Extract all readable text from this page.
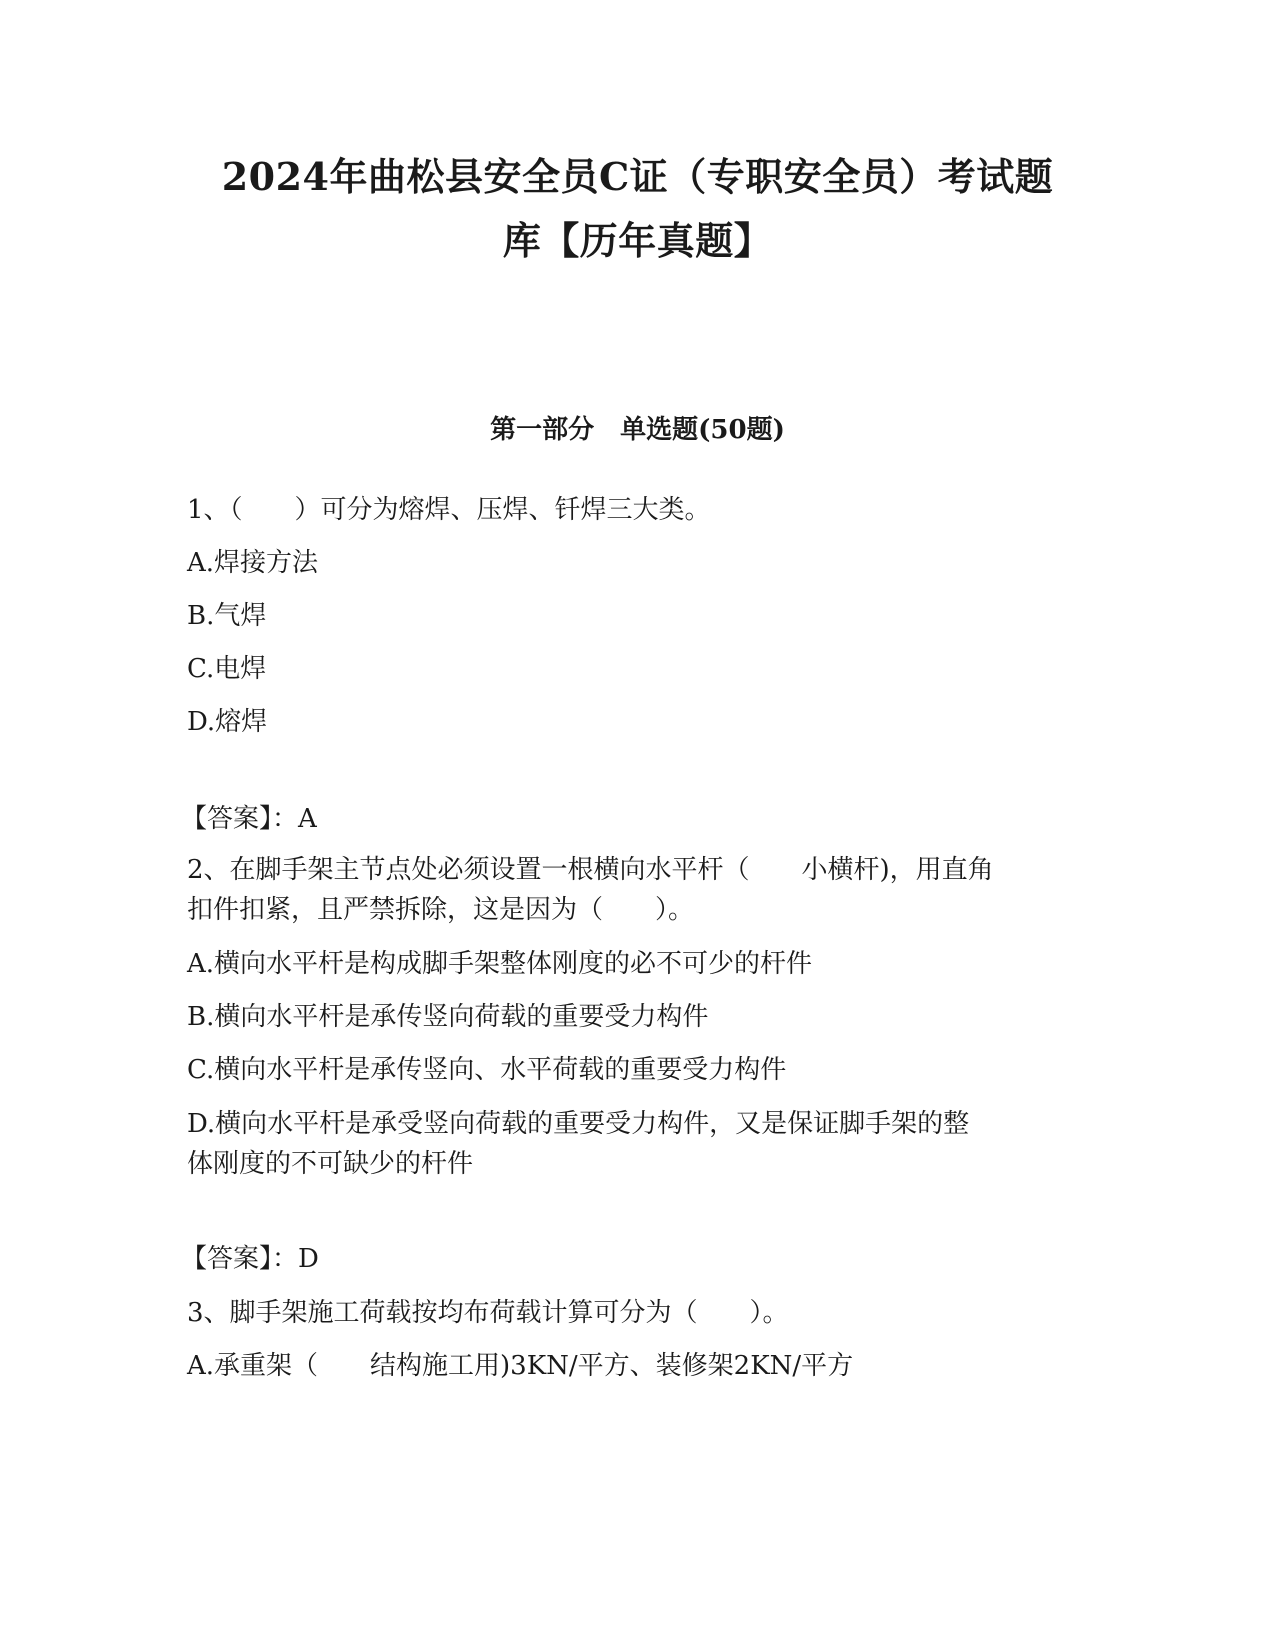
2024年曲松县安全员C证（专职安全员）考试题
库【历年真题】
第一部分　单选题(50题)

1、（　　）可分为熔焊、压焊、钎焊三大类。

A.焊接方法

B.气焊

C.电焊

D.熔焊

【答案】：A

2、在脚手架主节点处必须设置一根横向水平杆（　　小横杆)，用直角

扣件扣紧，且严禁拆除，这是因为（　　）。

A.横向水平杆是构成脚手架整体刚度的必不可少的杆件

B.横向水平杆是承传竖向荷载的重要受力构件

C.横向水平杆是承传竖向、水平荷载的重要受力构件

D.横向水平杆是承受竖向荷载的重要受力构件，又是保证脚手架的整

体刚度的不可缺少的杆件

【答案】：D

3、脚手架施工荷载按均布荷载计算可分为（　　）。

A.承重架（　　结构施工用)3KN/平方、装修架2KN/平方
